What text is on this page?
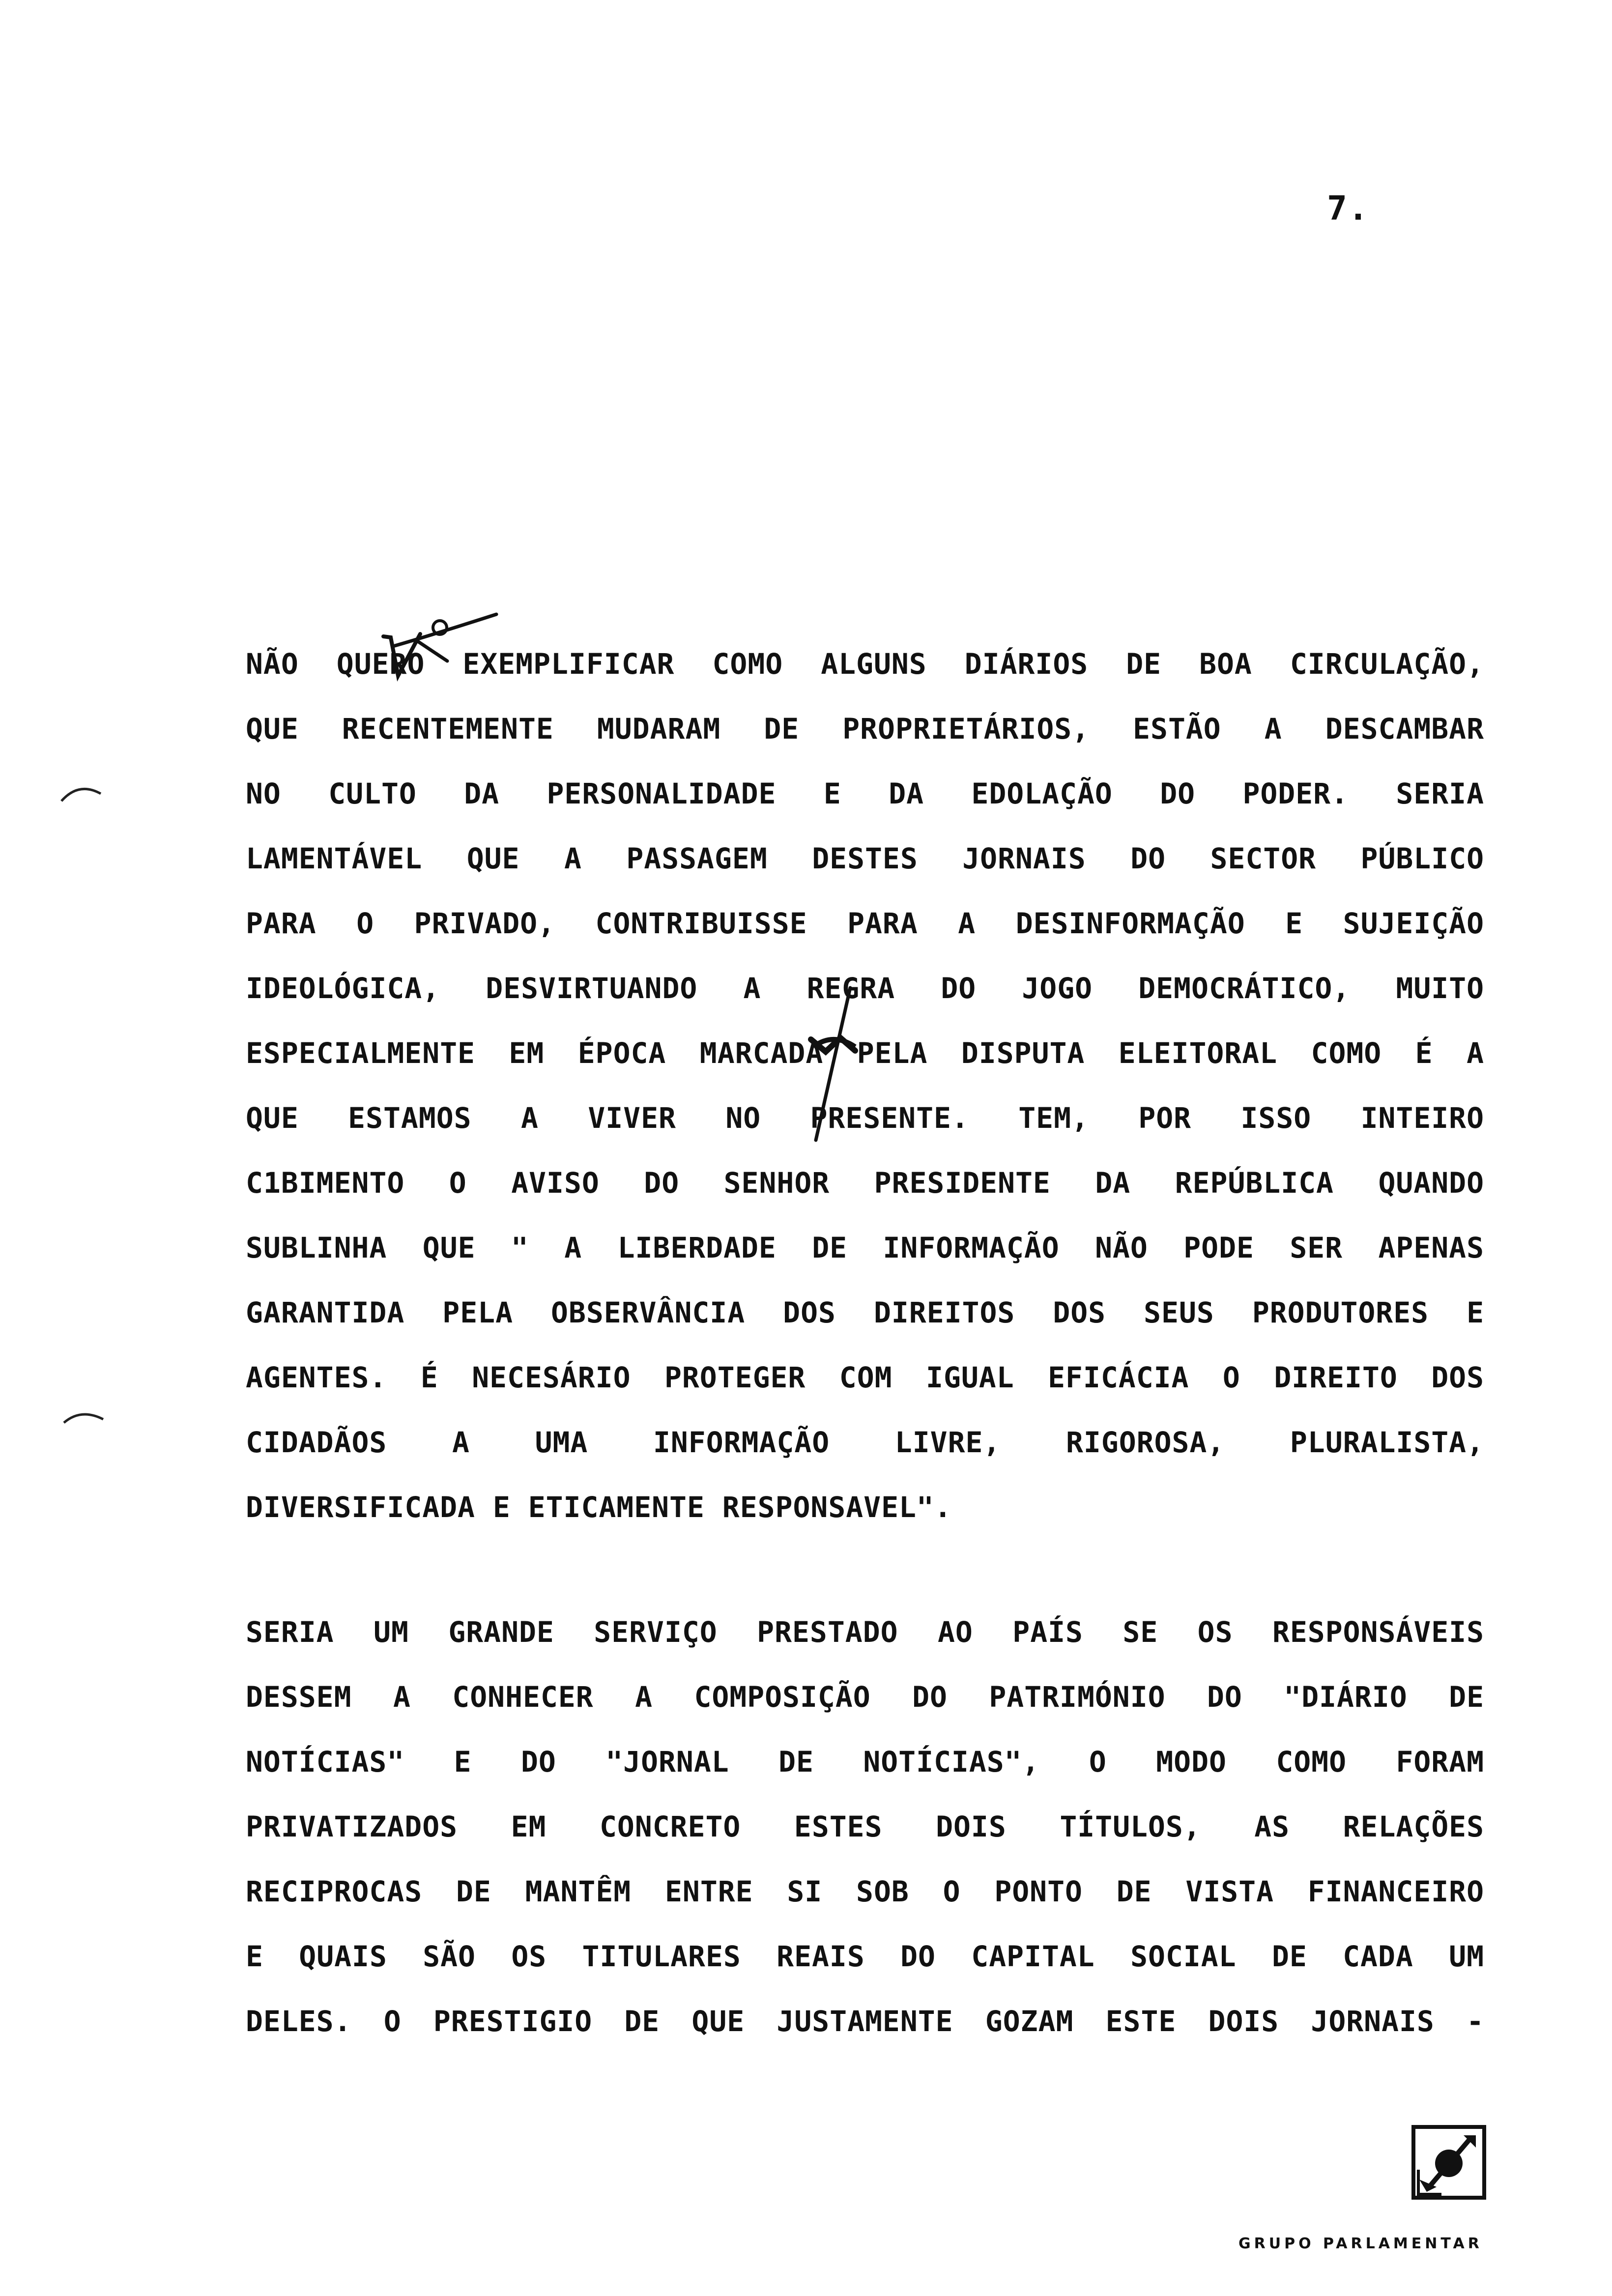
7.
NÃO QUERO EXEMPLIFICAR COMO ALGUNS DIÁRIOS DE BOA CIRCULAÇÃO,
QUE RECENTEMENTE MUDARAM DE PROPRIETÁRIOS, ESTÃO A DESCAMBAR
NO CULTO DA PERSONALIDADE E DA EDOLAÇÃO DO PODER. SERIA
LAMENTÁVEL QUE A PASSAGEM DESTES JORNAIS DO SECTOR PÚBLICO
PARA O PRIVADO, CONTRIBUISSE PARA A DESINFORMAÇÃO E SUJEIÇÃO
IDEOLÓGICA, DESVIRTUANDO A REGRA DO JOGO DEMOCRÁTICO, MUITO
ESPECIALMENTE EM ÉPOCA MARCADA PELA DISPUTA ELEITORAL COMO É A
QUE ESTAMOS A VIVER NO PRESENTE. TEM, POR ISSO INTEIRO
C1BIMENTO O AVISO DO SENHOR PRESIDENTE DA REPÚBLICA QUANDO
SUBLINHA QUE " A LIBERDADE DE INFORMAÇÃO NÃO PODE SER APENAS
GARANTIDA PELA OBSERVÂNCIA DOS DIREITOS DOS SEUS PRODUTORES E
AGENTES. É NECESÁRIO PROTEGER COM IGUAL EFICÁCIA O DIREITO DOS
CIDADÃOS A UMA INFORMAÇÃO LIVRE, RIGOROSA, PLURALISTA,
DIVERSIFICADA E ETICAMENTE RESPONSAVEL".
SERIA UM GRANDE SERVIÇO PRESTADO AO PAÍS SE OS RESPONSÁVEIS
DESSEM A CONHECER A COMPOSIÇÃO DO PATRIMÓNIO DO "DIÁRIO DE
NOTÍCIAS" E DO "JORNAL DE NOTÍCIAS", O MODO COMO FORAM
PRIVATIZADOS EM CONCRETO ESTES DOIS TÍTULOS, AS RELAÇÕES
RECIPROCAS DE MANTÊM ENTRE SI SOB O PONTO DE VISTA FINANCEIRO
E QUAIS SÃO OS TITULARES REAIS DO CAPITAL SOCIAL DE CADA UM
DELES. O PRESTIGIO DE QUE JUSTAMENTE GOZAM ESTE DOIS JORNAIS -
GRUPO PARLAMENTAR
